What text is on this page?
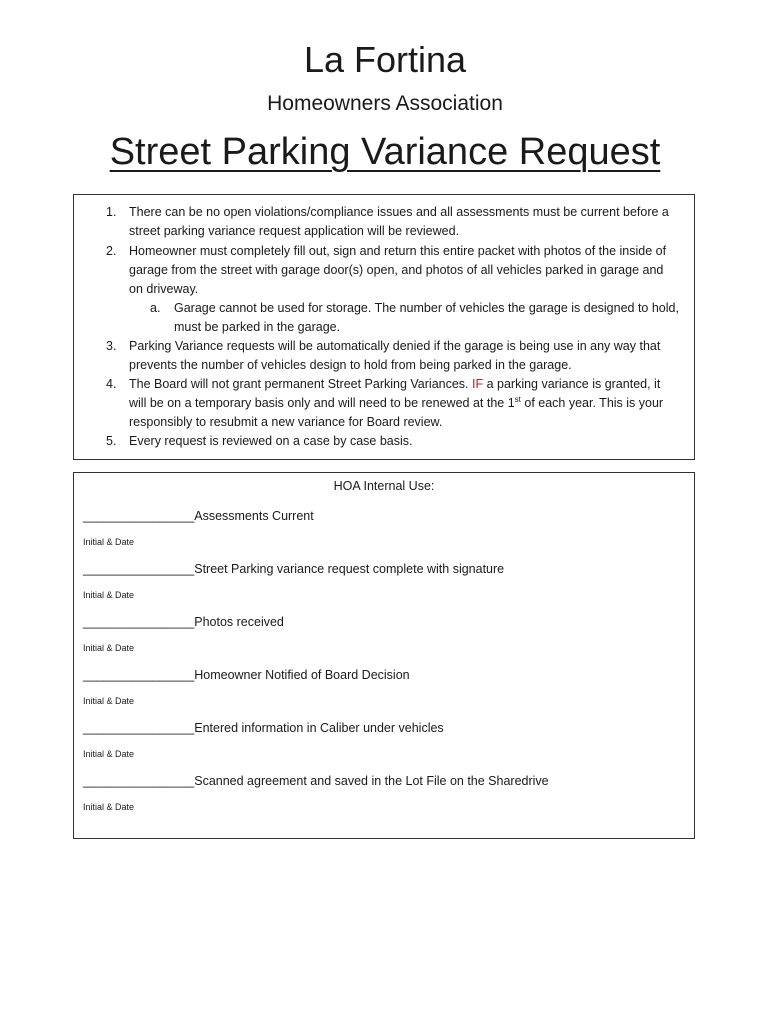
La Fortina
Homeowners Association
Street Parking Variance Request
1. There can be no open violations/compliance issues and all assessments must be current before a street parking variance request application will be reviewed.
2. Homeowner must completely fill out, sign and return this entire packet with photos of the inside of garage from the street with garage door(s) open, and photos of all vehicles parked in garage and on driveway.
a. Garage cannot be used for storage. The number of vehicles the garage is designed to hold, must be parked in the garage.
3. Parking Variance requests will be automatically denied if the garage is being use in any way that prevents the number of vehicles design to hold from being parked in the garage.
4. The Board will not grant permanent Street Parking Variances. IF a parking variance is granted, it will be on a temporary basis only and will need to be renewed at the 1st of each year. This is your responsibly to resubmit a new variance for Board review.
5. Every request is reviewed on a case by case basis.
HOA Internal Use:
________________Assessments Current
Initial & Date
________________Street Parking variance request complete with signature
Initial & Date
________________Photos received
Initial & Date
________________Homeowner Notified of Board Decision
Initial & Date
________________Entered information in Caliber under vehicles
Initial & Date
________________Scanned agreement and saved in the Lot File on the Sharedrive
Initial & Date
